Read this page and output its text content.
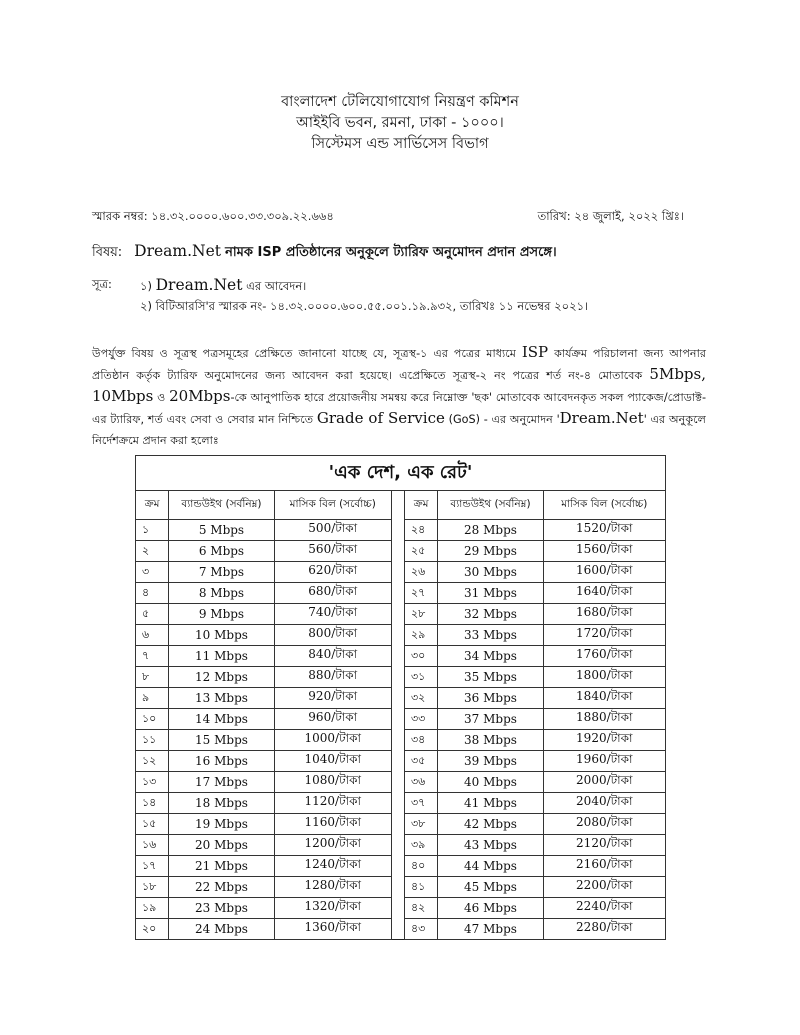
বাংলাদেশ টেলিযোগাযোগ নিয়ন্ত্রণ কমিশন
আইইবি ভবন, রমনা, ঢাকা - ১০০০।
সিস্টেমস এন্ড সার্ভিসেস বিভাগ
স্মারক নম্বর: ১৪.৩২.০০০০.৬০০.৩৩.৩০৯.২২.৬৬৪	তারিখ: ২৪ জুলাই, ২০২২ খ্রিঃ।
বিষয়: Dream.Net নামক ISP প্রতিষ্ঠানের অনুকূলে ট্যারিফ অনুমোদন প্রদান প্রসঙ্গে।
সূত্র: ১) Dream.Net এর আবেদন।
২) বিটিআরসি'র স্মারক নং- ১৪.৩২.০০০০.৬০০.৫৫.০০১.১৯.৯৩২, তারিখঃ ১১ নভেম্বর ২০২১।
উপর্যুক্ত বিষয় ও সূত্রস্থ পত্রসমূহের প্রেক্ষিতে জানানো যাচ্ছে যে, সূত্রস্থ-১ এর পত্রের মাধ্যমে ISP কার্যক্রম পরিচালনা জন্য আপনার প্রতিষ্ঠান কর্তৃক ট্যারিফ অনুমোদনের জন্য আবেদন করা হয়েছে। এপ্রেক্ষিতে সূত্রস্থ-২ নং পত্রের শর্ত নং-৪ মোতাবেক 5Mbps, 10Mbps ও 20Mbps-কে আনুপাতিক হারে প্রয়োজনীয় সমন্বয় করে নিম্নোক্ত 'ছক' মোতাবেক আবেদনকৃত সকল প্যাকেজ/প্রোডাক্ট-এর ট্যারিফ, শর্ত এবং সেবা ও সেবার মান নিশ্চিতে Grade of Service (GoS) - এর অনুমোদন 'Dream.Net' এর অনুকূলে নির্দেশক্রমে প্রদান করা হলোঃ
'এক দেশ, এক রেট'						
ক্রম	ব্যান্ডউইথ (সর্বনিম্ন)	মাসিক বিল (সর্বোচ্চ)		ক্রম	ব্যান্ডউইথ (সর্বনিম্ন)	মাসিক বিল (সর্বোচ্চ)
১	5 Mbps	500/টাকা		২৪	28 Mbps	1520/টাকা
২	6 Mbps	560/টাকা		২৫	29 Mbps	1560/টাকা
৩	7 Mbps	620/টাকা		২৬	30 Mbps	1600/টাকা
৪	8 Mbps	680/টাকা		২৭	31 Mbps	1640/টাকা
৫	9 Mbps	740/টাকা		২৮	32 Mbps	1680/টাকা
৬	10 Mbps	800/টাকা		২৯	33 Mbps	1720/টাকা
৭	11 Mbps	840/টাকা		৩০	34 Mbps	1760/টাকা
৮	12 Mbps	880/টাকা		৩১	35 Mbps	1800/টাকা
৯	13 Mbps	920/টাকা		৩২	36 Mbps	1840/টাকা
১০	14 Mbps	960/টাকা		৩৩	37 Mbps	1880/টাকা
১১	15 Mbps	1000/টাকা		৩৪	38 Mbps	1920/টাকা
১২	16 Mbps	1040/টাকা		৩৫	39 Mbps	1960/টাকা
১৩	17 Mbps	1080/টাকা		৩৬	40 Mbps	2000/টাকা
১৪	18 Mbps	1120/টাকা		৩৭	41 Mbps	2040/টাকা
১৫	19 Mbps	1160/টাকা		৩৮	42 Mbps	2080/টাকা
১৬	20 Mbps	1200/টাকা		৩৯	43 Mbps	2120/টাকা
১৭	21 Mbps	1240/টাকা		৪০	44 Mbps	2160/টাকা
১৮	22 Mbps	1280/টাকা		৪১	45 Mbps	2200/টাকা
১৯	23 Mbps	1320/টাকা		৪২	46 Mbps	2240/টাকা
২০	24 Mbps	1360/টাকা		৪৩	47 Mbps	2280/টাকা
